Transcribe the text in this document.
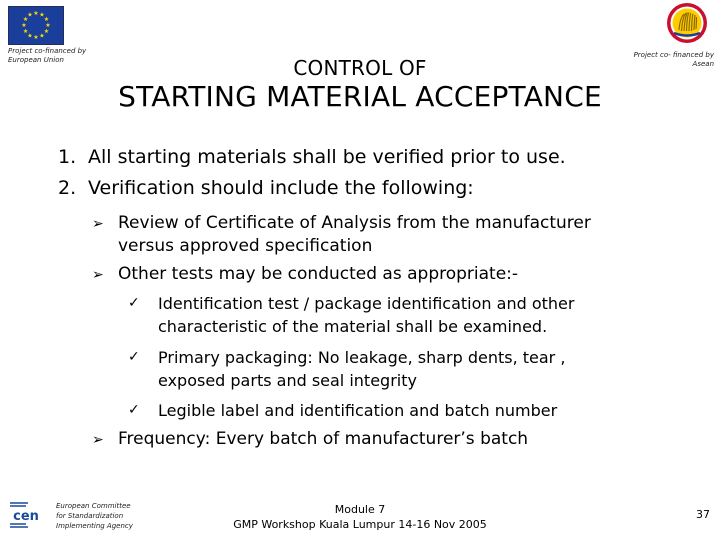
★ ★
★
★
★
★
★
★
★
★
★
★
Project co-financed by European Union
Project co- financed by Asean
CONTROL OF
STARTING MATERIAL ACCEPTANCE
1. All starting materials shall be verified prior to use.
2. Verification should include the following:
➢ Review of Certificate of Analysis from the manufacturer
versus approved specification
➢ Other tests may be conducted as appropriate:-
✓ Identification test / package identification and other
characteristic of the material shall be examined.
✓ Primary packaging: No leakage, sharp dents, tear ,
exposed parts and seal integrity
✓ Legible label and identification and batch number
➢ Frequency: Every batch of manufacturer’s batch
cen
European Committee
for Standardization
Implementing Agency
Module 7
GMP Workshop Kuala Lumpur 14-16 Nov 2005
37
